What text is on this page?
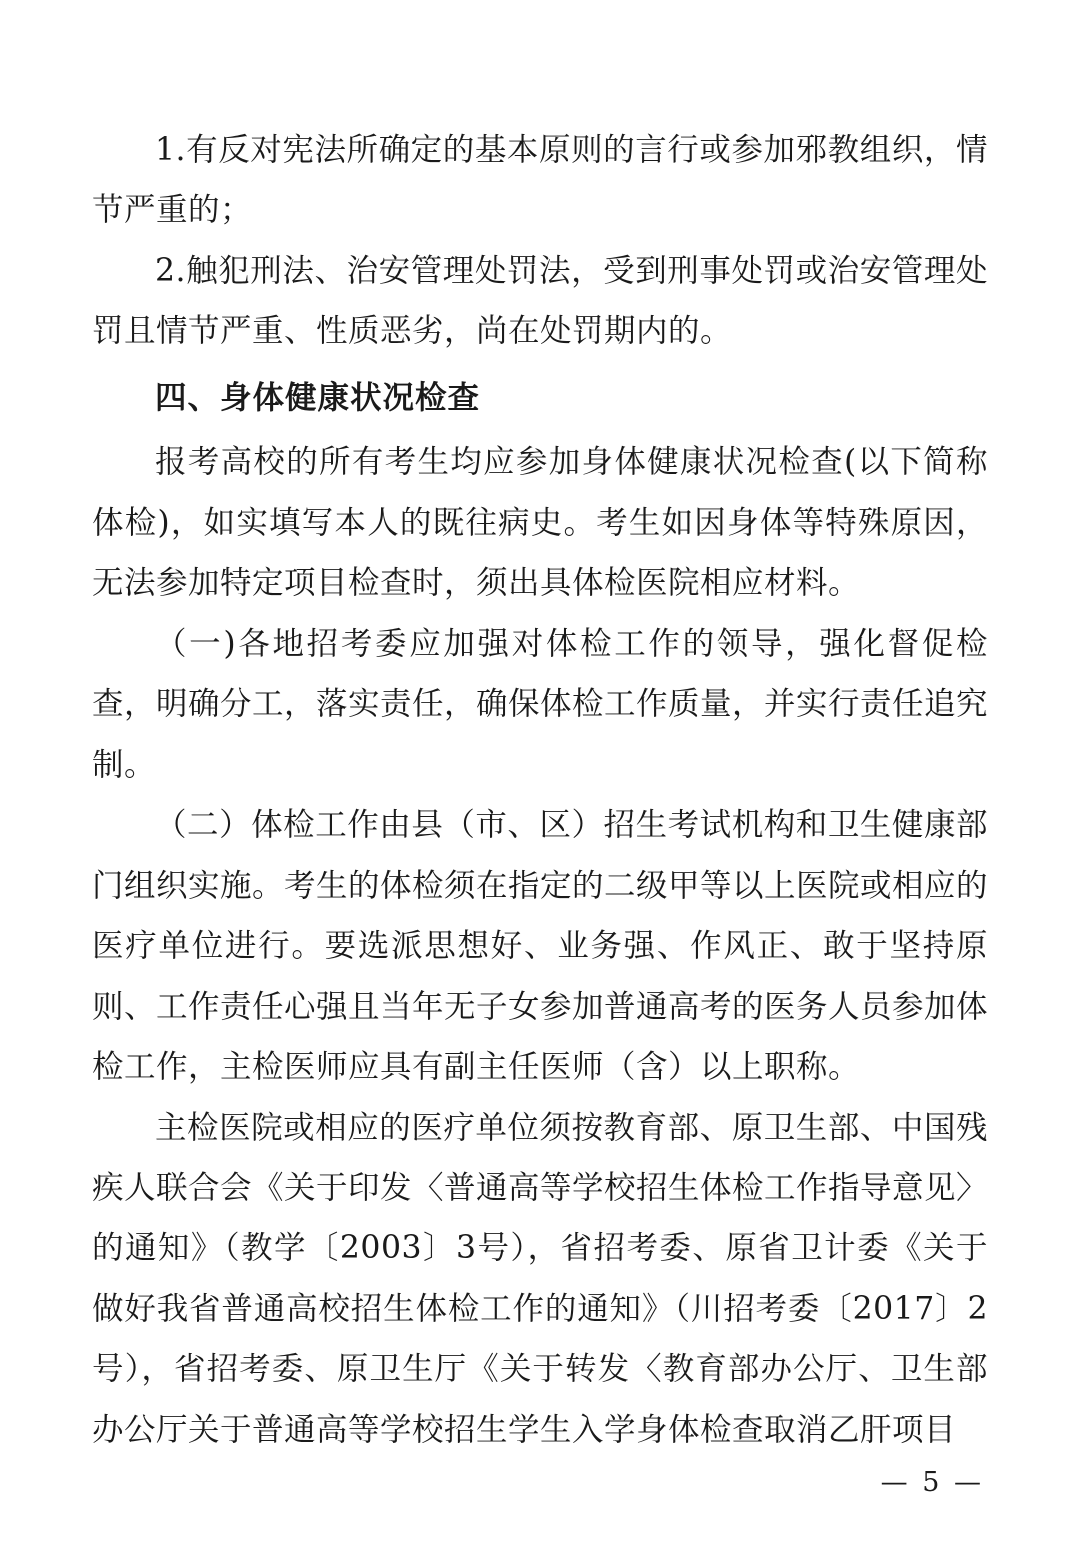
1.有反对宪法所确定的基本原则的言行或参加邪教组织，情节严重的；

2.触犯刑法、治安管理处罚法，受到刑事处罚或治安管理处罚且情节严重、性质恶劣，尚在处罚期内的。

四、身体健康状况检查

报考高校的所有考生均应参加身体健康状况检查(以下简称体检)，如实填写本人的既往病史。考生如因身体等特殊原因，无法参加特定项目检查时，须出具体检医院相应材料。

（一)各地招考委应加强对体检工作的领导，强化督促检查，明确分工，落实责任，确保体检工作质量，并实行责任追究制。

（二）体检工作由县（市、区）招生考试机构和卫生健康部门组织实施。考生的体检须在指定的二级甲等以上医院或相应的医疗单位进行。要选派思想好、业务强、作风正、敢于坚持原则、工作责任心强且当年无子女参加普通高考的医务人员参加体检工作，主检医师应具有副主任医师（含）以上职称。

主检医院或相应的医疗单位须按教育部、原卫生部、中国残疾人联合会《关于印发〈普通高等学校招生体检工作指导意见〉的通知》（教学〔2003〕3号），省招考委、原省卫计委《关于做好我省普通高校招生体检工作的通知》（川招考委〔2017〕2号），省招考委、原卫生厅《关于转发〈教育部办公厅、卫生部办公厅关于普通高等学校招生学生入学身体检查取消乙肝项目

— 5 —
